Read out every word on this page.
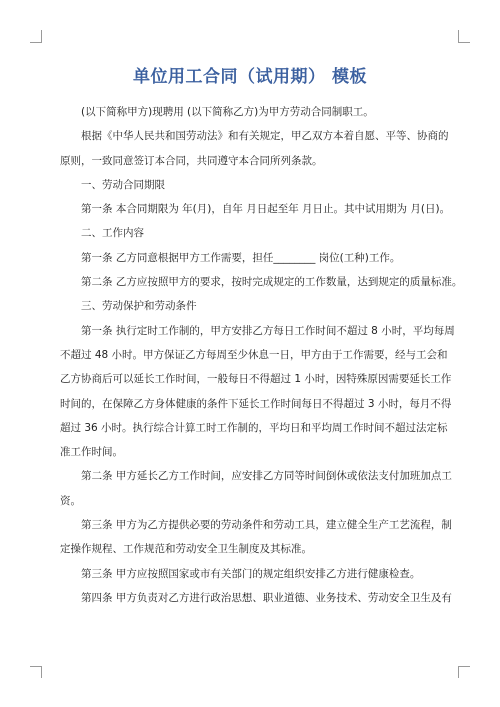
单位用工合同（试用期） 模板

(以下简称甲方)现聘用 (以下简称乙方)为甲方劳动合同制职工。

根据《中华人民共和国劳动法》和有关规定，甲乙双方本着自愿、平等、协商的

原则，一致同意签订本合同，共同遵守本合同所列条款。

一、劳动合同期限

第一条 本合同期限为 年(月)，自年 月日起至年 月日止。其中试用期为 月(日)。

二、工作内容

第一条 乙方同意根据甲方工作需要，担任________ 岗位(工种)工作。

第二条 乙方应按照甲方的要求，按时完成规定的工作数量，达到规定的质量标准。

三、劳动保护和劳动条件

第一条 执行定时工作制的，甲方安排乙方每日工作时间不超过 8 小时，平均每周

不超过 48 小时。甲方保证乙方每周至少休息一日，甲方由于工作需要，经与工会和

乙方协商后可以延长工作时间，一般每日不得超过 1 小时，因特殊原因需要延长工作

时间的，在保障乙方身体健康的条件下延长工作时间每日不得超过 3 小时，每月不得

超过 36 小时。执行综合计算工时工作制的，平均日和平均周工作时间不超过法定标

准工作时间。

第二条 甲方延长乙方工作时间，应安排乙方同等时间倒休或依法支付加班加点工

资。

第三条 甲方为乙方提供必要的劳动条件和劳动工具，建立健全生产工艺流程，制

定操作规程、工作规范和劳动安全卫生制度及其标准。

第三条 甲方应按照国家或市有关部门的规定组织安排乙方进行健康检查。

第四条 甲方负责对乙方进行政治思想、职业道德、业务技术、劳动安全卫生及有
